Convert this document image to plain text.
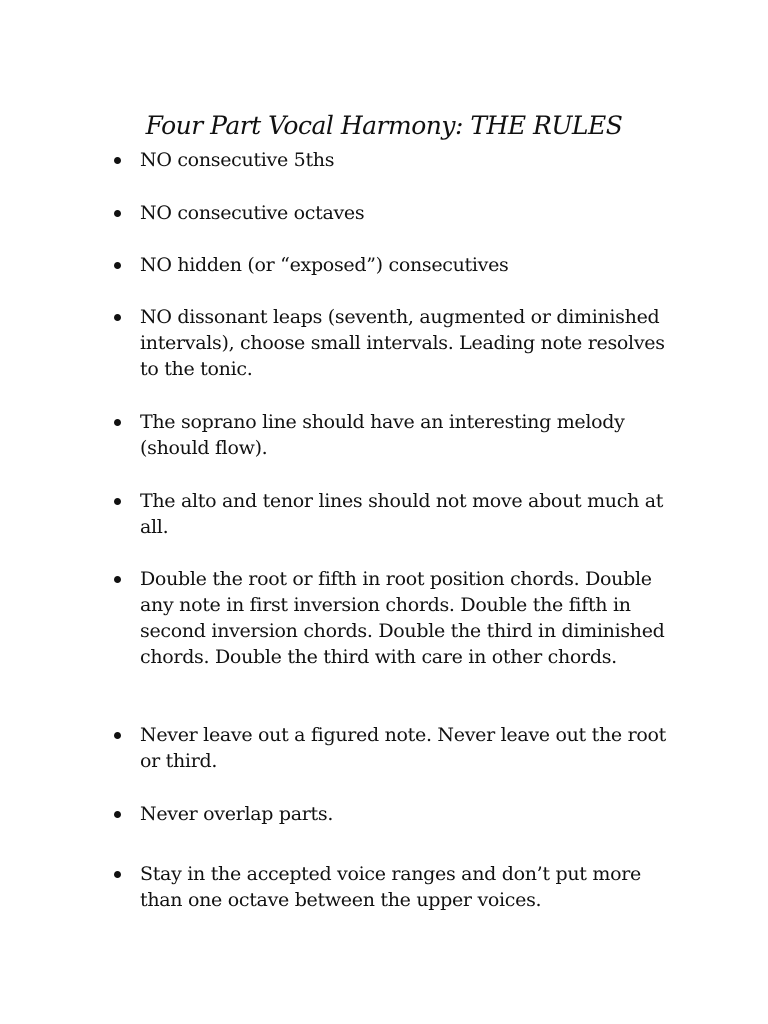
Four Part Vocal Harmony: THE RULES
NO consecutive 5ths
NO consecutive octaves
NO hidden (or “exposed”) consecutives
NO dissonant leaps (seventh, augmented or diminished intervals), choose small intervals. Leading note resolves to the tonic.
The soprano line should have an interesting melody (should flow).
The alto and tenor lines should not move about much at all.
Double the root or fifth in root position chords. Double any note in first inversion chords. Double the fifth in second inversion chords. Double the third in diminished chords. Double the third with care in other chords.
Never leave out a figured note. Never leave out the root or third.
Never overlap parts.
Stay in the accepted voice ranges and don’t put more than one octave between the upper voices.
